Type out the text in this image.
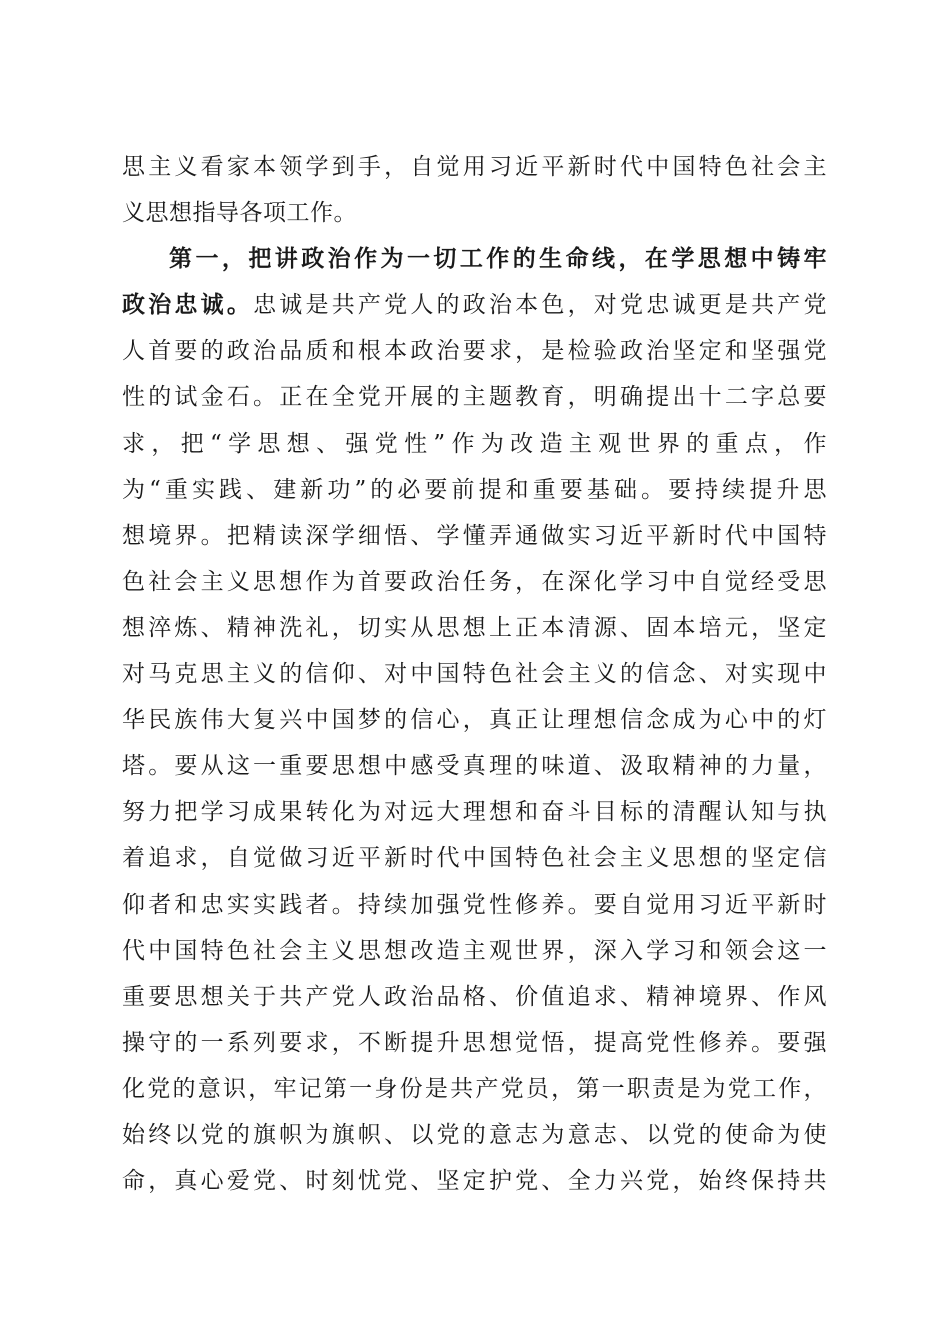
思主义看家本领学到手，自觉用习近平新时代中国特色社会主
义思想指导各项工作。
第一，把讲政治作为一切工作的生命线，在学思想中铸牢
政治忠诚。忠诚是共产党人的政治本色，对党忠诚更是共产党
人首要的政治品质和根本政治要求，是检验政治坚定和坚强党
性的试金石。正在全党开展的主题教育，明确提出十二字总要
求，把“学思想、强党性”作为改造主观世界的重点，作
为“重实践、建新功”的必要前提和重要基础。要持续提升思
想境界。把精读深学细悟、学懂弄通做实习近平新时代中国特
色社会主义思想作为首要政治任务，在深化学习中自觉经受思
想淬炼、精神洗礼，切实从思想上正本清源、固本培元，坚定
对马克思主义的信仰、对中国特色社会主义的信念、对实现中
华民族伟大复兴中国梦的信心，真正让理想信念成为心中的灯
塔。要从这一重要思想中感受真理的味道、汲取精神的力量，
努力把学习成果转化为对远大理想和奋斗目标的清醒认知与执
着追求，自觉做习近平新时代中国特色社会主义思想的坚定信
仰者和忠实实践者。持续加强党性修养。要自觉用习近平新时
代中国特色社会主义思想改造主观世界，深入学习和领会这一
重要思想关于共产党人政治品格、价值追求、精神境界、作风
操守的一系列要求，不断提升思想觉悟，提高党性修养。要强
化党的意识，牢记第一身份是共产党员，第一职责是为党工作，
始终以党的旗帜为旗帜、以党的意志为意志、以党的使命为使
命，真心爱党、时刻忧党、坚定护党、全力兴党，始终保持共
